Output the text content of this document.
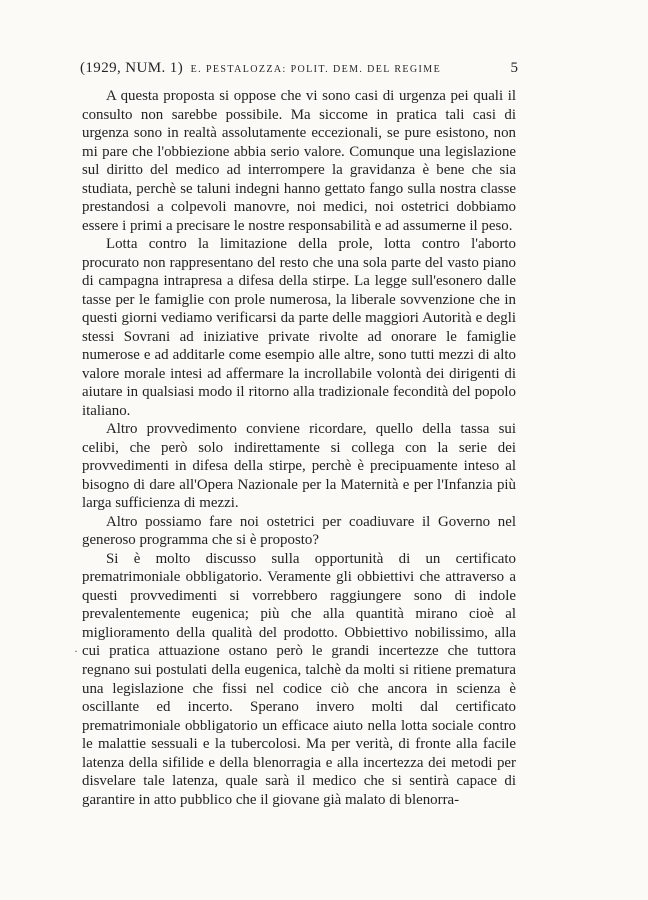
(1929, NUM. 1) E. PESTALOZZA: POLIT. DEM. DEL REGIME	5

A questa proposta si oppose che vi sono casi di urgenza pei quali il consulto non sarebbe possibile. Ma siccome in pratica tali casi di urgenza sono in realtà assolutamente eccezionali, se pure esistono, non mi pare che l'obbiezione abbia serio valore. Comunque una legislazione sul diritto del medico ad interrompere la gravidanza è bene che sia studiata, perchè se taluni indegni hanno gettato fango sulla nostra classe prestandosi a colpevoli manovre, noi medici, noi ostetrici dobbiamo essere i primi a precisare le nostre responsabilità e ad assumerne il peso.

Lotta contro la limitazione della prole, lotta contro l'aborto procurato non rappresentano del resto che una sola parte del vasto piano di campagna intrapresa a difesa della stirpe. La legge sull'esonero dalle tasse per le famiglie con prole numerosa, la liberale sovvenzione che in questi giorni vediamo verificarsi da parte delle maggiori Autorità e degli stessi Sovrani ad iniziative private rivolte ad onorare le famiglie numerose e ad additarle come esempio alle altre, sono tutti mezzi di alto valore morale intesi ad affermare la incrollabile volontà dei dirigenti di aiutare in qualsiasi modo il ritorno alla tradizionale fecondità del popolo italiano.

Altro provvedimento conviene ricordare, quello della tassa sui celibi, che però solo indirettamente si collega con la serie dei provvedimenti in difesa della stirpe, perchè è precipuamente inteso al bisogno di dare all'Opera Nazionale per la Maternità e per l'Infanzia più larga sufficienza di mezzi.

Altro possiamo fare noi ostetrici per coadiuvare il Governo nel generoso programma che si è proposto?

Si è molto discusso sulla opportunità di un certificato prematrimoniale obbligatorio. Veramente gli obbiettivi che attraverso a questi provvedimenti si vorrebbero raggiungere sono di indole prevalentemente eugenica; più che alla quantità mirano cioè al miglioramento della qualità del prodotto. Obbiettivo nobilissimo, alla cui pratica attuazione ostano però le grandi incertezze che tuttora regnano sui postulati della eugenica, talchè da molti si ritiene prematura una legislazione che fissi nel codice ciò che ancora in scienza è oscillante ed incerto. Sperano invero molti dal certificato prematrimoniale obbligatorio un efficace aiuto nella lotta sociale contro le malattie sessuali e la tubercolosi. Ma per verità, di fronte alla facile latenza della sifilide e della blenorragia e alla incertezza dei metodi per disvelare tale latenza, quale sarà il medico che si sentirà capace di garantire in atto pubblico che il giovane già malato di blenorra-

·
